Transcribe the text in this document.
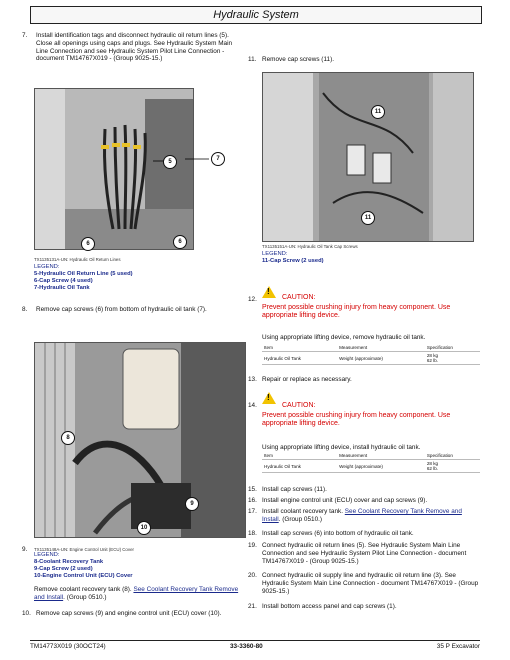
Hydraulic System
7. Install identification tags and disconnect hydraulic oil return lines (5). Close all openings using caps and plugs. See Hydraulic System Main Line Connection and see Hydraulic System Pilot Line Connection - document TM14767X019 - (Group 9025-15.)
5	7
6	6
TX1135131A-UN: Hydraulic Oil Return Lines
LEGEND:
5-Hydraulic Oil Return Line (5 used)
6-Cap Screw (4 used)
7-Hydraulic Oil Tank
8. Remove cap screws (6) from bottom of hydraulic oil tank (7).
8
9
10
9. TX1135148A-UN: Engine Control Unit (ECU) Cover
LEGEND:
8-Coolant Recovery Tank
9-Cap Screw (2 used)
10-Engine Control Unit (ECU) Cover
Remove coolant recovery tank (8). See Coolant Recovery Tank Remove and Install. (Group 0510.)
10. Remove cap screws (9) and engine control unit (ECU) cover (10).
11. Remove cap screws (11).
11
11
TX1135151A-UN: Hydraulic Oil Tank Cap Screws
LEGEND:
11-Cap Screw (2 used)
12.
!
CAUTION:
Prevent possible crushing injury from heavy component. Use appropriate lifting device.
Using appropriate lifting device, remove hydraulic oil tank.
Item	Measurement	Specification
Hydraulic Oil Tank	Weight (approximate)	28 kg
62 lb.
13. Repair or replace as necessary.
14.
!
CAUTION:
Prevent possible crushing injury from heavy component. Use appropriate lifting device.
Using appropriate lifting device, install hydraulic oil tank.
Item	Measurement	Specification
Hydraulic Oil Tank	Weight (approximate)	28 kg
62 lb.
15. Install cap screws (11).
16. Install engine control unit (ECU) cover and cap screws (9).
17. Install coolant recovery tank. See Coolant Recovery Tank Remove and Install. (Group 0510.)
18. Install cap screws (6) into bottom of hydraulic oil tank.
19. Connect hydraulic oil return lines (5). See Hydraulic System Main Line Connection and see Hydraulic System Pilot Line Connection - document TM14767X019 - (Group 9025-15.)
20. Connect hydraulic oil supply line and hydraulic oil return line (3). See Hydraulic System Main Line Connection - document TM14767X019 - (Group 9025-15.)
21. Install bottom access panel and cap screws (1).
TM14773X019 (30OCT24)	33-3360-80	35 P Excavator
